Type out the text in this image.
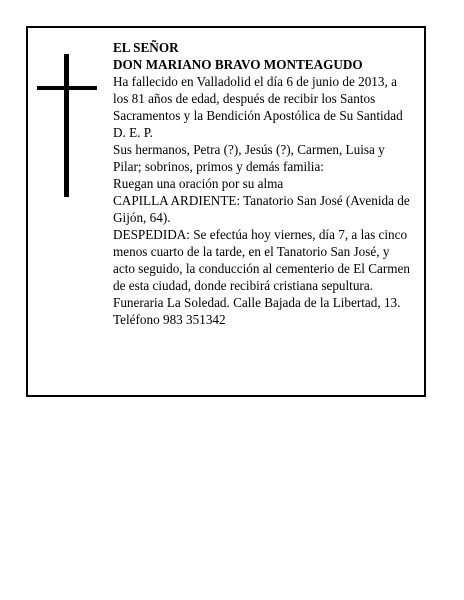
EL SEÑOR

DON MARIANO BRAVO MONTEAGUDO

Ha fallecido en Valladolid el día 6 de junio de 2013, a los 81 años de edad, después de recibir los Santos Sacramentos y la Bendición Apostólica de Su Santidad

D. E. P.

Sus hermanos, Petra (?), Jesús (?), Carmen, Luisa y Pilar; sobrinos, primos y demás familia:

Ruegan una oración por su alma

CAPILLA ARDIENTE: Tanatorio San José (Avenida de Gijón, 64).

DESPEDIDA: Se efectúa hoy viernes, día 7, a las cinco menos cuarto de la tarde, en el Tanatorio San José, y acto seguido, la conducción al cementerio de El Carmen de esta ciudad, donde recibirá cristiana sepultura.

Funeraria La Soledad. Calle Bajada de la Libertad, 13.

Teléfono 983 351342
